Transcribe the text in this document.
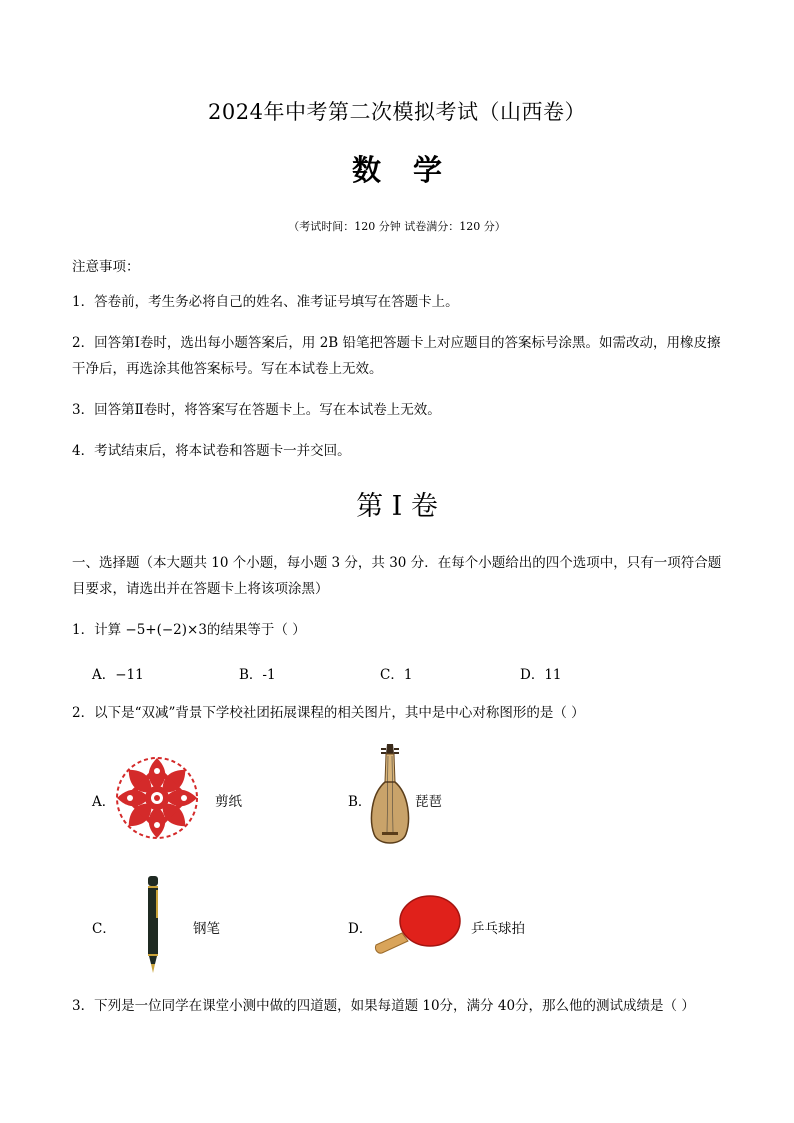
2024年中考第二次模拟考试（山西卷）
数学
（考试时间：120 分钟 试卷满分：120 分）
注意事项：
1．答卷前，考生务必将自己的姓名、准考证号填写在答题卡上。
2．回答第Ⅰ卷时，选出每小题答案后，用 2B 铅笔把答题卡上对应题目的答案标号涂黑。如需改动，用橡皮擦干净后，再选涂其他答案标号。写在本试卷上无效。
3．回答第Ⅱ卷时，将答案写在答题卡上。写在本试卷上无效。
4．考试结束后，将本试卷和答题卡一并交回。
第 I 卷
一、选择题（本大题共 10 个小题，每小题 3 分，共 30 分．在每个小题给出的四个选项中，只有一项符合题目要求，请选出并在答题卡上将该项涂黑）
1．计算 −5+(−2)×3的结果等于（ ）
A．−11	B．-1	C．1	D．11
2．以下是“双减”背景下学校社团拓展课程的相关图片，其中是中心对称图形的是（ ）
A．	剪纸	B．	琵琶
C．	钢笔	D．	乒乓球拍
3．下列是一位同学在课堂小测中做的四道题，如果每道题 10分，满分 40分，那么他的测试成绩是（ ）
